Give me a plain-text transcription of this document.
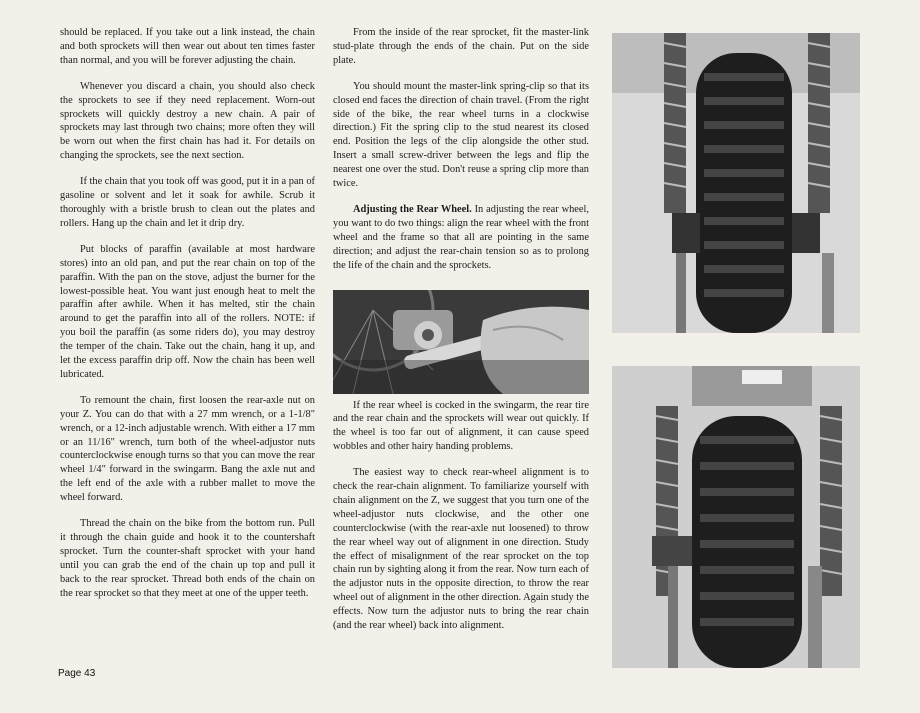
should be replaced. If you take out a link instead, the chain and both sprockets will then wear out about ten times faster than normal, and you will be forever adjusting the chain.

Whenever you discard a chain, you should also check the sprockets to see if they need replacement. Worn-out sprockets will quickly destroy a new chain. A pair of sprockets may last through two chains; more often they will be worn out when the first chain has had it. For details on changing the sprockets, see the next section.

If the chain that you took off was good, put it in a pan of gasoline or solvent and let it soak for awhile. Scrub it thoroughly with a bristle brush to clean out the plates and rollers. Hang up the chain and let it drip dry.

Put blocks of paraffin (available at most hardware stores) into an old pan, and put the rear chain on top of the paraffin. With the pan on the stove, adjust the burner for the lowest-possible heat. You want just enough heat to melt the paraffin after awhile. When it has melted, stir the chain around to get the paraffin into all of the rollers. NOTE: if you boil the paraffin (as some riders do), you may destroy the temper of the chain. Take out the chain, hang it up, and let the excess paraffin drip off. Now the chain has been well lubricated.

To remount the chain, first loosen the rear-axle nut on your Z. You can do that with a 27 mm wrench, or a 1-1/8" wrench, or a 12-inch adjustable wrench. With either a 17 mm or an 11/16" wrench, turn both of the wheel-adjustor nuts counterclockwise enough turns so that you can move the rear wheel 1/4" forward in the swingarm. Bang the axle nut and the left end of the axle with a rubber mallet to move the wheel forward.

Thread the chain on the bike from the bottom run. Pull it through the chain guide and hook it to the countershaft sprocket. Turn the counter-shaft sprocket with your hand until you can grab the end of the chain up top and pull it back to the rear sprocket. Thread both ends of the chain on the rear sprocket so that they meet at one of the upper teeth.

From the inside of the rear sprocket, fit the master-link stud-plate through the ends of the chain. Put on the side plate.

You should mount the master-link spring-clip so that its closed end faces the direction of chain travel. (From the right side of the bike, the rear wheel turns in a clockwise direction.) Fit the spring clip to the stud nearest its closed end. Position the legs of the clip alongside the other stud. Insert a small screw-driver between the legs and flip the nearest one over the stud. Don't reuse a spring clip more than twice.

Adjusting the Rear Wheel. In adjusting the rear wheel, you want to do two things: align the rear wheel with the front wheel and the frame so that all are pointing in the same direction; and adjust the rear-chain tension so as to prolong the life of the chain and the sprockets.

If the rear wheel is cocked in the swingarm, the rear tire and the rear chain and the sprockets will wear out quickly. If the wheel is too far out of alignment, it can cause speed wobbles and other hairy handing problems.

The easiest way to check rear-wheel alignment is to check the rear-chain alignment. To familiarize yourself with chain alignment on the Z, we suggest that you turn one of the wheel-adjustor nuts clockwise, and the other one counterclockwise (with the rear-axle nut loosened) to throw the rear wheel way out of alignment in one direction. Study the effect of misalignment of the rear sprocket on the top chain run by sighting along it from the rear. Now turn each of the adjustor nuts in the opposite direction, to throw the rear wheel out of alignment in the other direction. Again study the effects. Now turn the adjustor nuts to bring the rear chain (and the rear wheel) back into alignment.

Page 43
